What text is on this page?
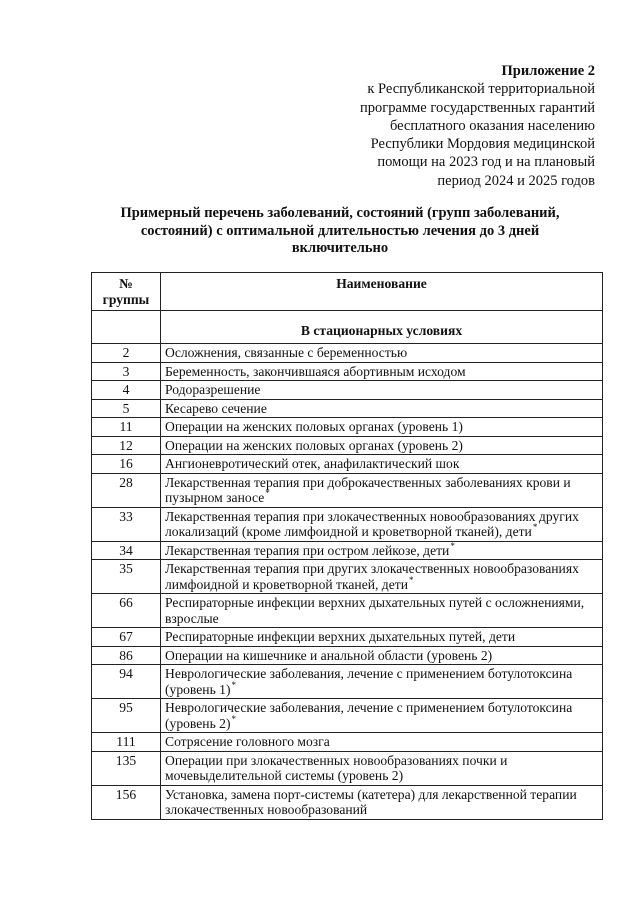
Приложение 2
к Республиканской территориальной
программе государственных гарантий
бесплатного оказания населению
Республики Мордовия медицинской
помощи на 2023 год и на плановый
период 2024 и 2025 годов
Примерный перечень заболеваний, состояний (групп заболеваний,
состояний) с оптимальной длительностью лечения до 3 дней
включительно
№ группы	Наименование
	В стационарных условиях
2	Осложнения, связанные с беременностью
3	Беременность, закончившаяся абортивным исходом
4	Родоразрешение
5	Кесарево сечение
11	Операции на женских половых органах (уровень 1)
12	Операции на женских половых органах (уровень 2)
16	Ангионевротический отек, анафилактический шок
28	Лекарственная терапия при доброкачественных заболеваниях крови и пузырном заносе*
33	Лекарственная терапия при злокачественных новообразованиях других локализаций (кроме лимфоидной и кроветворной тканей), дети*
34	Лекарственная терапия при остром лейкозе, дети*
35	Лекарственная терапия при других злокачественных новообразованиях лимфоидной и кроветворной тканей, дети*
66	Респираторные инфекции верхних дыхательных путей с осложнениями, взрослые
67	Респираторные инфекции верхних дыхательных путей, дети
86	Операции на кишечнике и анальной области (уровень 2)
94	Неврологические заболевания, лечение с применением ботулотоксина (уровень 1)*
95	Неврологические заболевания, лечение с применением ботулотоксина (уровень 2)*
111	Сотрясение головного мозга
135	Операции при злокачественных новообразованиях почки и мочевыделительной системы (уровень 2)
156	Установка, замена порт-системы (катетера) для лекарственной терапии злокачественных новообразований
